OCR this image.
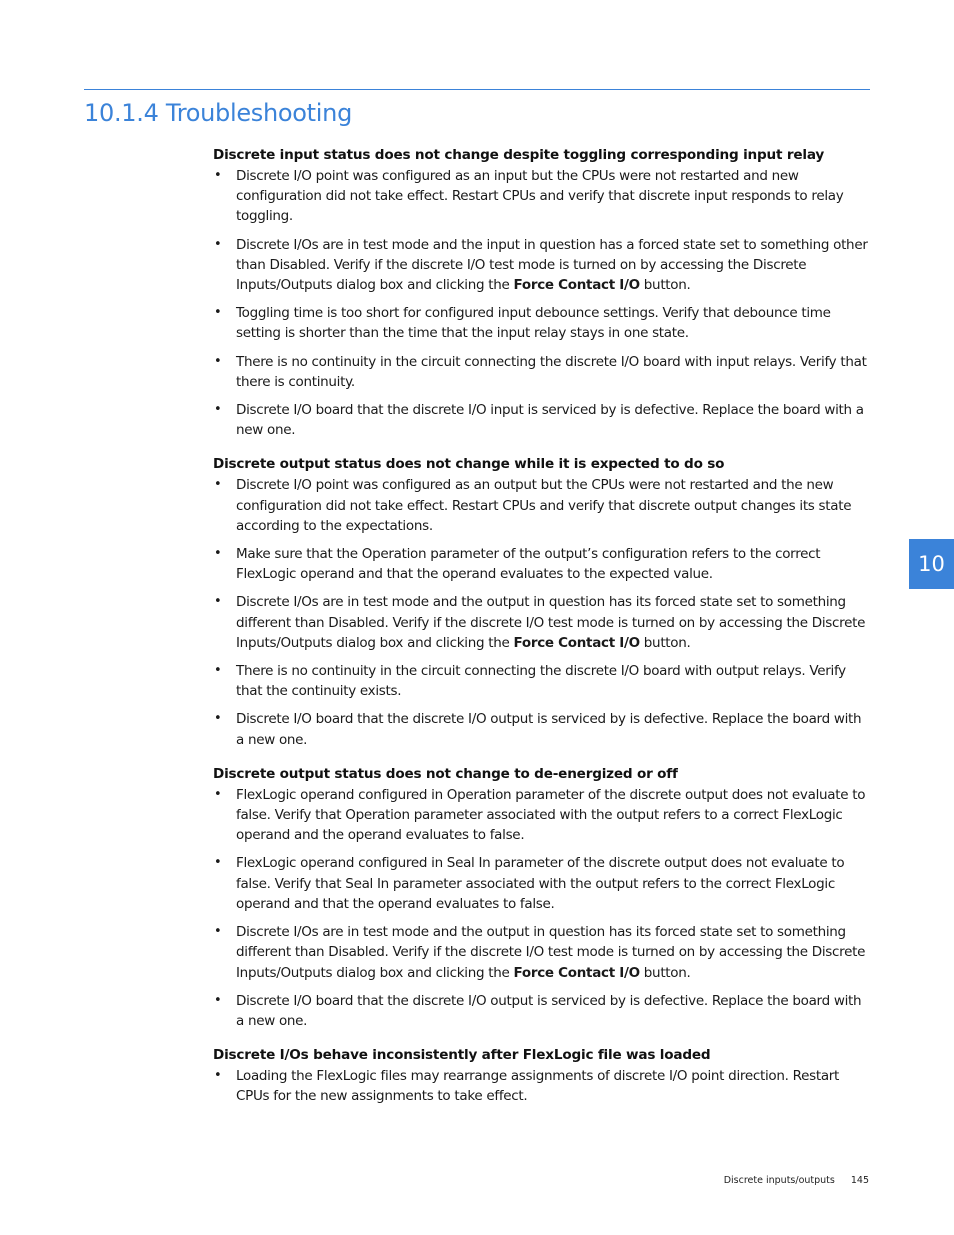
10.1.4 Troubleshooting
Discrete input status does not change despite toggling corresponding input relay
• Discrete I/O point was configured as an input but the CPUs were not restarted and new configuration did not take effect. Restart CPUs and verify that discrete input responds to relay toggling.
• Discrete I/Os are in test mode and the input in question has a forced state set to something other than Disabled. Verify if the discrete I/O test mode is turned on by accessing the Discrete Inputs/Outputs dialog box and clicking the Force Contact I/O button.
• Toggling time is too short for configured input debounce settings. Verify that debounce time setting is shorter than the time that the input relay stays in one state.
• There is no continuity in the circuit connecting the discrete I/O board with input relays. Verify that there is continuity.
• Discrete I/O board that the discrete I/O input is serviced by is defective. Replace the board with a new one.
Discrete output status does not change while it is expected to do so
• Discrete I/O point was configured as an output but the CPUs were not restarted and the new configuration did not take effect. Restart CPUs and verify that discrete output changes its state according to the expectations.
• Make sure that the Operation parameter of the output’s configuration refers to the correct FlexLogic operand and that the operand evaluates to the expected value.
• Discrete I/Os are in test mode and the output in question has its forced state set to something different than Disabled. Verify if the discrete I/O test mode is turned on by accessing the Discrete Inputs/Outputs dialog box and clicking the Force Contact I/O button.
• There is no continuity in the circuit connecting the discrete I/O board with output relays. Verify that the continuity exists.
• Discrete I/O board that the discrete I/O output is serviced by is defective. Replace the board with a new one.
Discrete output status does not change to de-energized or off
• FlexLogic operand configured in Operation parameter of the discrete output does not evaluate to false. Verify that Operation parameter associated with the output refers to a correct FlexLogic operand and the operand evaluates to false.
• FlexLogic operand configured in Seal In parameter of the discrete output does not evaluate to false. Verify that Seal In parameter associated with the output refers to the correct FlexLogic operand and that the operand evaluates to false.
• Discrete I/Os are in test mode and the output in question has its forced state set to something different than Disabled. Verify if the discrete I/O test mode is turned on by accessing the Discrete Inputs/Outputs dialog box and clicking the Force Contact I/O button.
• Discrete I/O board that the discrete I/O output is serviced by is defective. Replace the board with a new one.
Discrete I/Os behave inconsistently after FlexLogic file was loaded
• Loading the FlexLogic files may rearrange assignments of discrete I/O point direction. Restart CPUs for the new assignments to take effect.
10
Discrete inputs/outputs 145
